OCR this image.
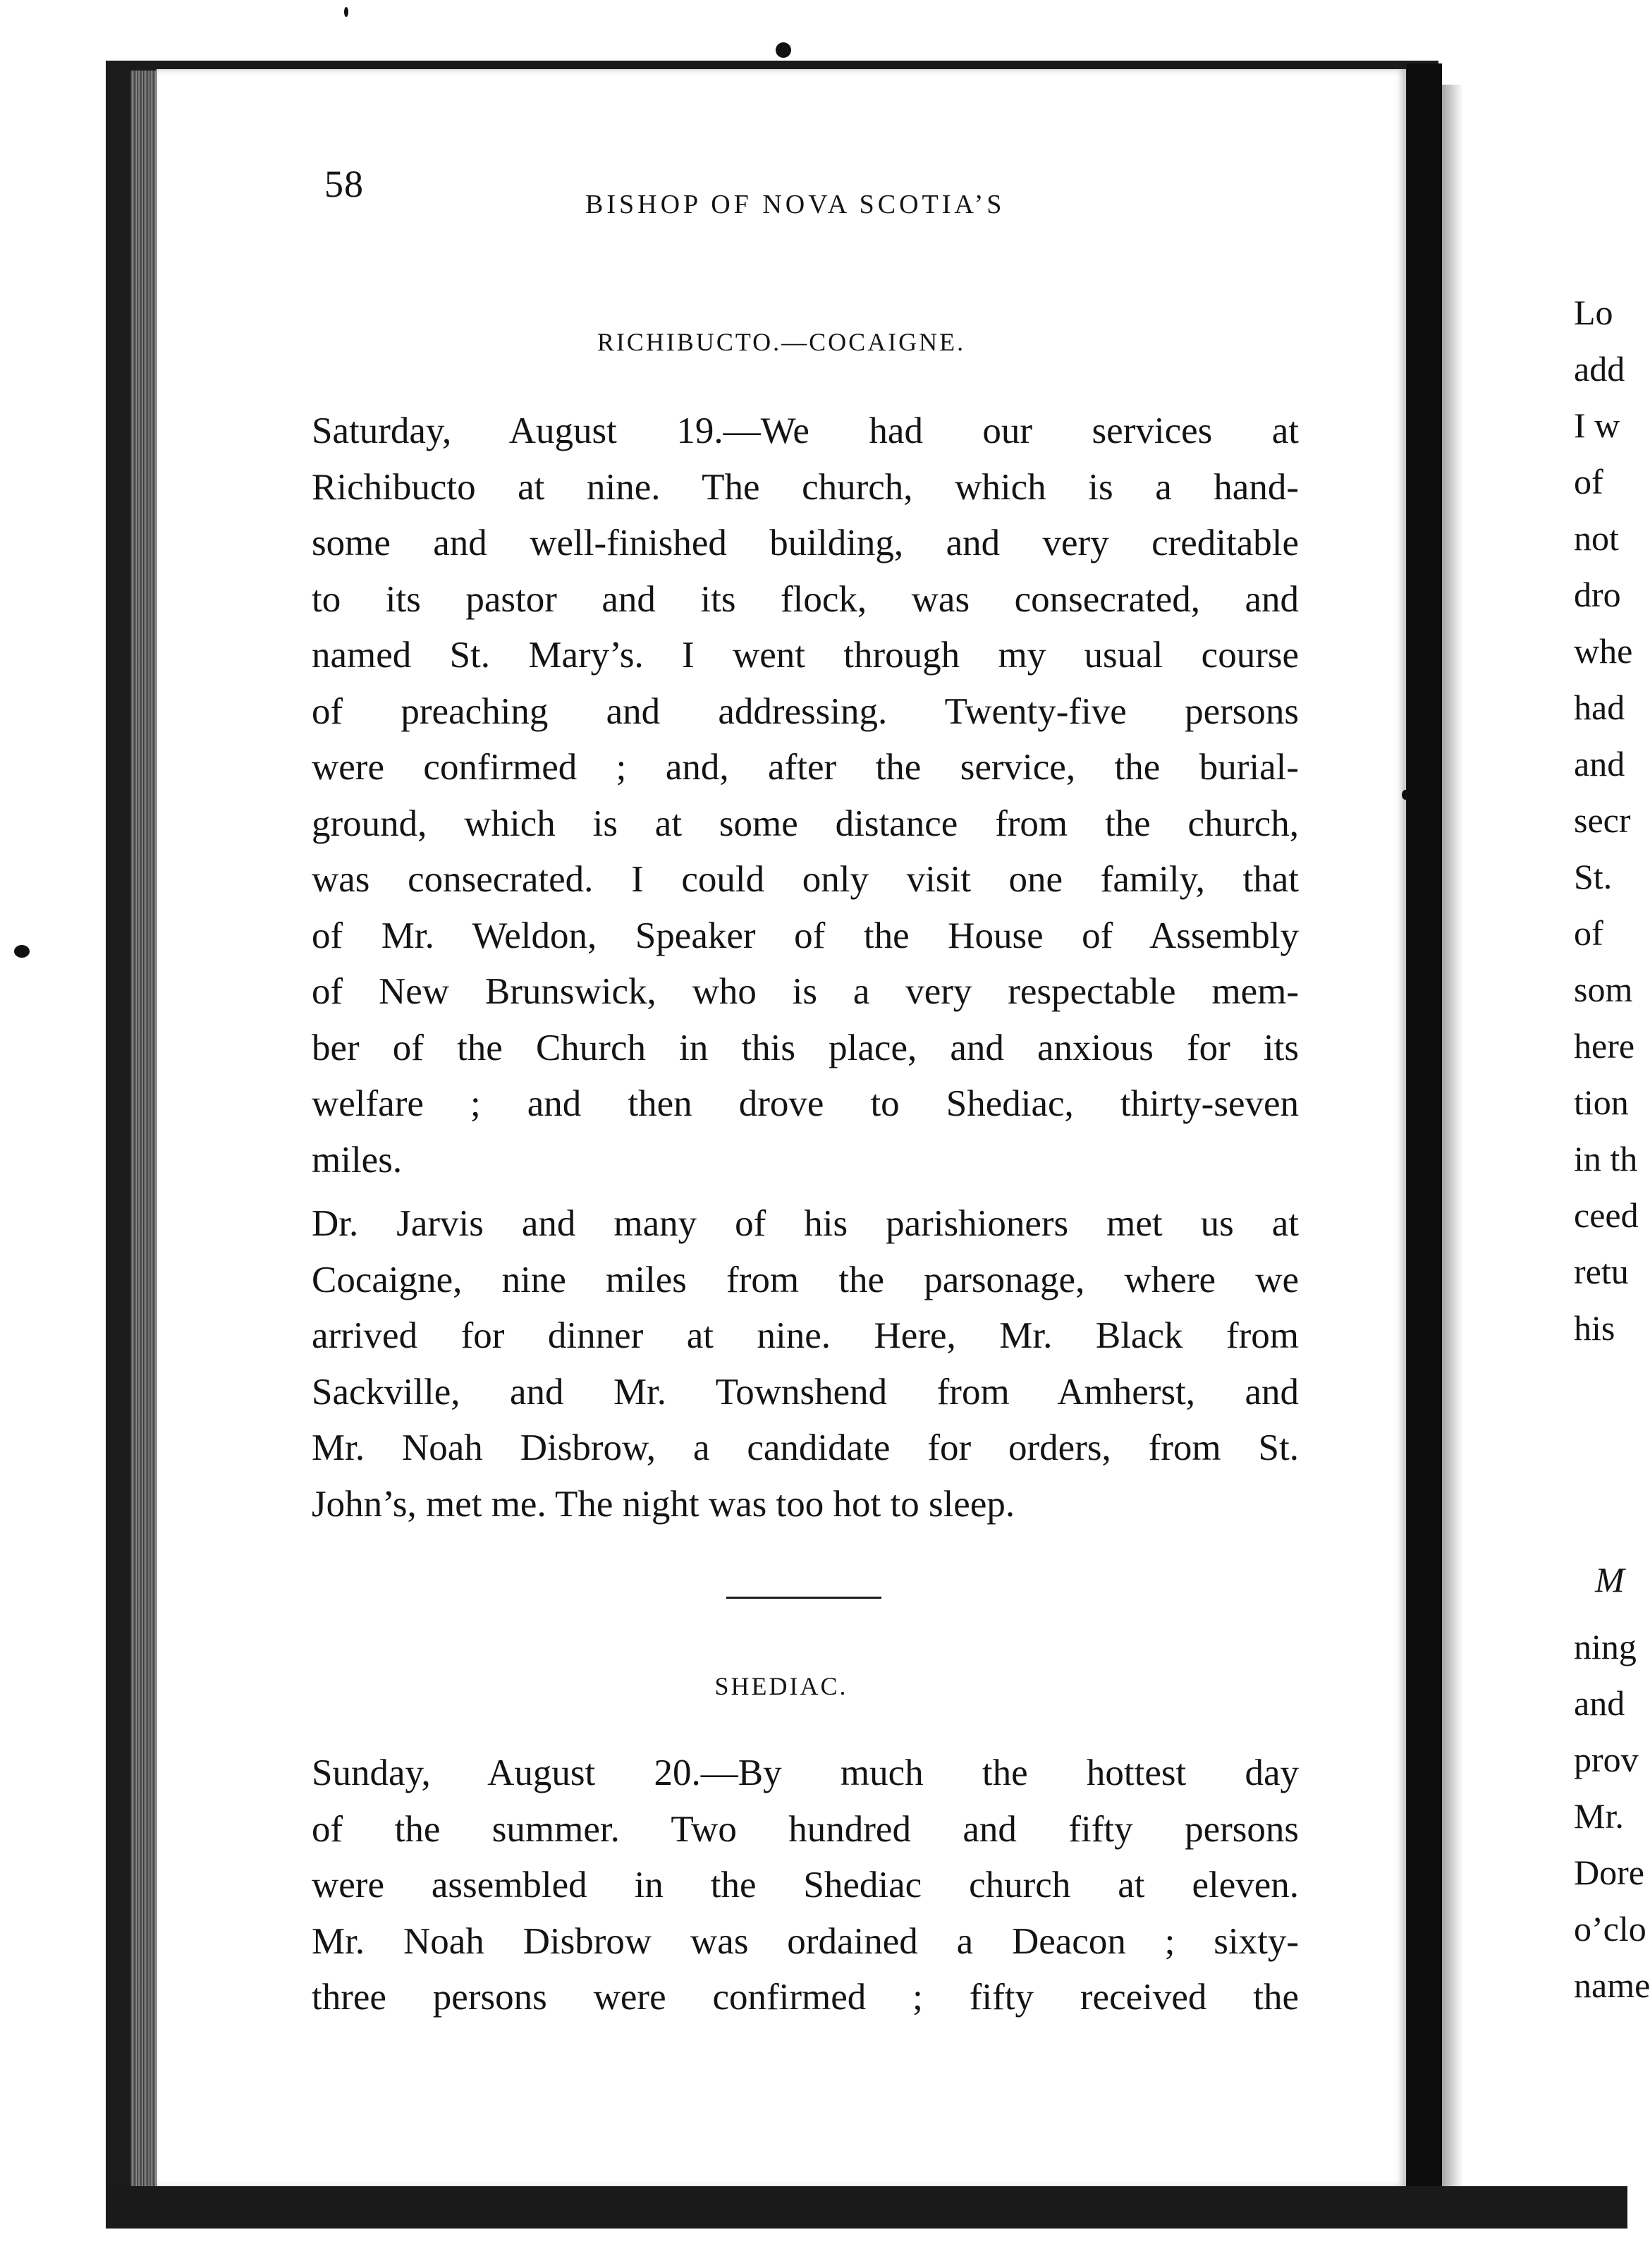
58	BISHOP OF NOVA SCOTIA’S
RICHIBUCTO.—COCAIGNE.

Saturday, August 19.—We had our services at
Richibucto at nine. The church, which is a hand-
some and well-finished building, and very creditable
to its pastor and its flock, was consecrated, and
named St. Mary’s. I went through my usual course
of preaching and addressing. Twenty-five persons
were confirmed ; and, after the service, the burial-
ground, which is at some distance from the church,
was consecrated. I could only visit one family, that
of Mr. Weldon, Speaker of the House of Assembly
of New Brunswick, who is a very respectable mem-
ber of the Church in this place, and anxious for its
welfare ; and then drove to Shediac, thirty-seven
miles.

Dr. Jarvis and many of his parishioners met us at
Cocaigne, nine miles from the parsonage, where we
arrived for dinner at nine. Here, Mr. Black from
Sackville, and Mr. Townshend from Amherst, and
Mr. Noah Disbrow, a candidate for orders, from St.
John’s, met me. The night was too hot to sleep.

SHEDIAC.

Sunday, August 20.—By much the hottest day
of the summer. Two hundred and fifty persons
were assembled in the Shediac church at eleven.
Mr. Noah Disbrow was ordained a Deacon ; sixty-
three persons were confirmed ; fifty received the

Lo
add
I w
of
not
dro
whe
had
and
secr
St.
of
som
here
tion
in th
ceed
retu
his
M
ning
and
prov
Mr.
Dore
o’clo
name
